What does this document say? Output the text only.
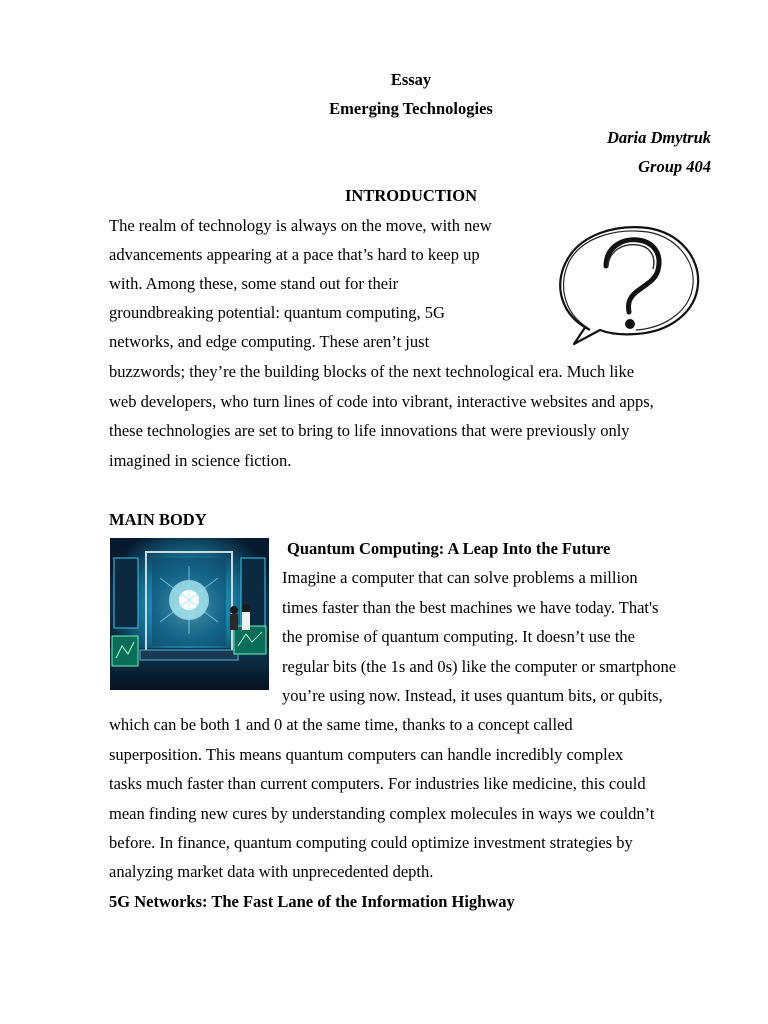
Essay
Emerging Technologies
Daria Dmytruk
Group 404
INTRODUCTION
The realm of technology is always on the move, with new
advancements appearing at a pace that’s hard to keep up
with. Among these, some stand out for their
groundbreaking potential: quantum computing, 5G
networks, and edge computing. These aren’t just
buzzwords; they’re the building blocks of the next technological era. Much like
web developers, who turn lines of code into vibrant, interactive websites and apps,
these technologies are set to bring to life innovations that were previously only
imagined in science fiction.
MAIN BODY
Quantum Computing: A Leap Into the Future
Imagine a computer that can solve problems a million
times faster than the best machines we have today. That's
the promise of quantum computing. It doesn’t use the
regular bits (the 1s and 0s) like the computer or smartphone
you’re using now. Instead, it uses quantum bits, or qubits,
which can be both 1 and 0 at the same time, thanks to a concept called
superposition. This means quantum computers can handle incredibly complex
tasks much faster than current computers. For industries like medicine, this could
mean finding new cures by understanding complex molecules in ways we couldn’t
before. In finance, quantum computing could optimize investment strategies by
analyzing market data with unprecedented depth.
5G Networks: The Fast Lane of the Information Highway
